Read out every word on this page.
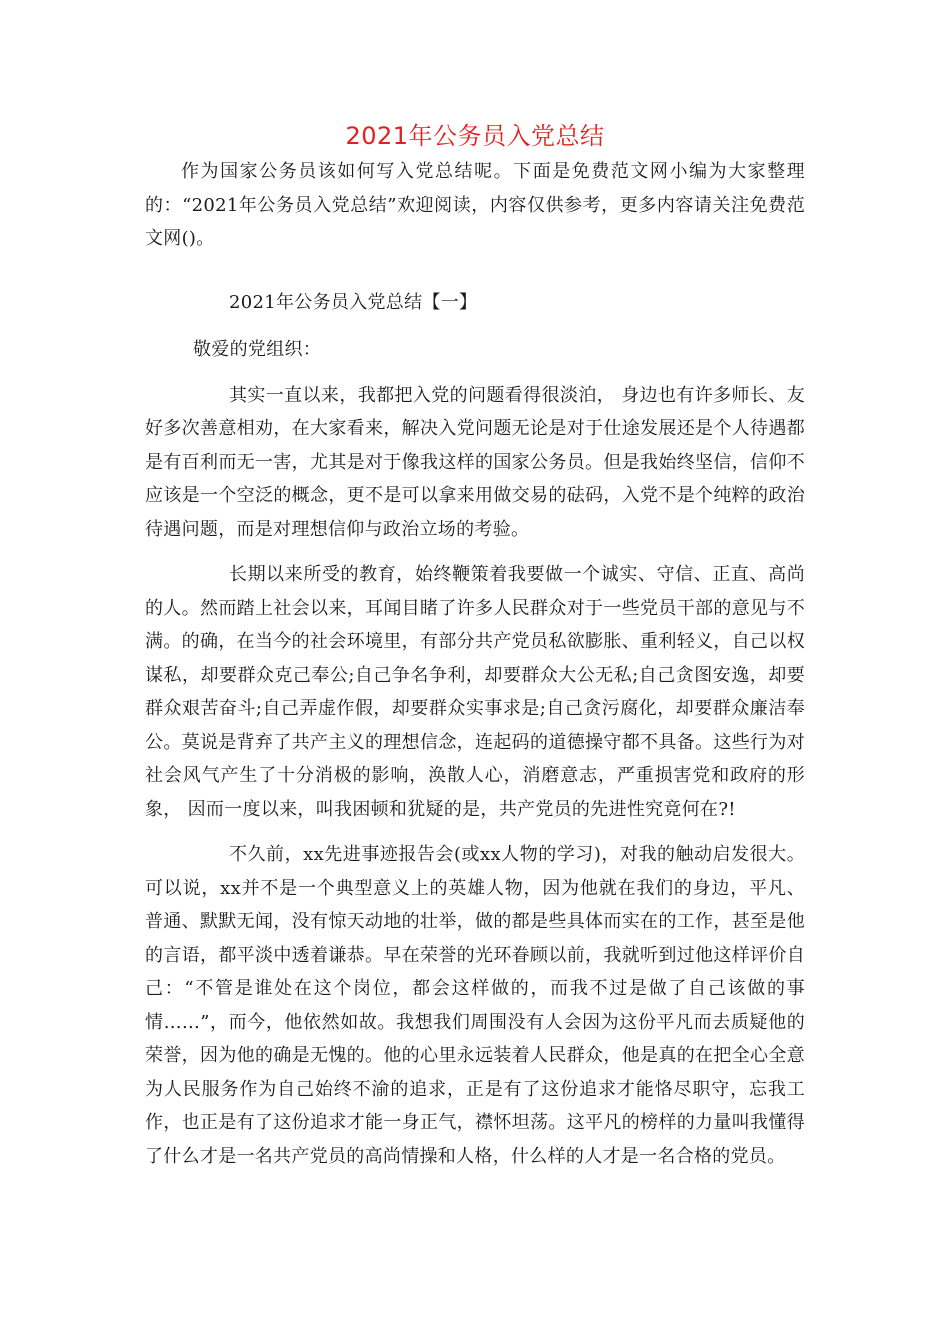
2021年公务员入党总结

作为国家公务员该如何写入党总结呢。下面是免费范文网小编为大家整理的：“2021年公务员入党总结”欢迎阅读，内容仅供参考，更多内容请关注免费范文网()。

2021年公务员入党总结【一】

敬爱的党组织：

其实一直以来，我都把入党的问题看得很淡泊， 身边也有许多师长、友好多次善意相劝，在大家看来，解决入党问题无论是对于仕途发展还是个人待遇都是有百利而无一害，尤其是对于像我这样的国家公务员。但是我始终坚信，信仰不应该是一个空泛的概念，更不是可以拿来用做交易的砝码，入党不是个纯粹的政治待遇问题，而是对理想信仰与政治立场的考验。

长期以来所受的教育，始终鞭策着我要做一个诚实、守信、正直、高尚的人。然而踏上社会以来，耳闻目睹了许多人民群众对于一些党员干部的意见与不满。的确，在当今的社会环境里，有部分共产党员私欲膨胀、重利轻义，自己以权谋私，却要群众克己奉公;自己争名争利，却要群众大公无私;自己贪图安逸，却要群众艰苦奋斗;自己弄虚作假，却要群众实事求是;自己贪污腐化，却要群众廉洁奉公。莫说是背弃了共产主义的理想信念，连起码的道德操守都不具备。这些行为对社会风气产生了十分消极的影响，涣散人心，消磨意志，严重损害党和政府的形象， 因而一度以来，叫我困顿和犹疑的是，共产党员的先进性究竟何在?!

不久前，xx先进事迹报告会(或xx人物的学习)，对我的触动启发很大。可以说，xx并不是一个典型意义上的英雄人物，因为他就在我们的身边，平凡、普通、默默无闻，没有惊天动地的壮举，做的都是些具体而实在的工作，甚至是他的言语，都平淡中透着谦恭。早在荣誉的光环眷顾以前，我就听到过他这样评价自己：“不管是谁处在这个岗位，都会这样做的，而我不过是做了自己该做的事情……”，而今，他依然如故。我想我们周围没有人会因为这份平凡而去质疑他的荣誉，因为他的确是无愧的。他的心里永远装着人民群众，他是真的在把全心全意为人民服务作为自己始终不渝的追求，正是有了这份追求才能恪尽职守，忘我工作，也正是有了这份追求才能一身正气，襟怀坦荡。这平凡的榜样的力量叫我懂得了什么才是一名共产党员的高尚情操和人格，什么样的人才是一名合格的党员。
